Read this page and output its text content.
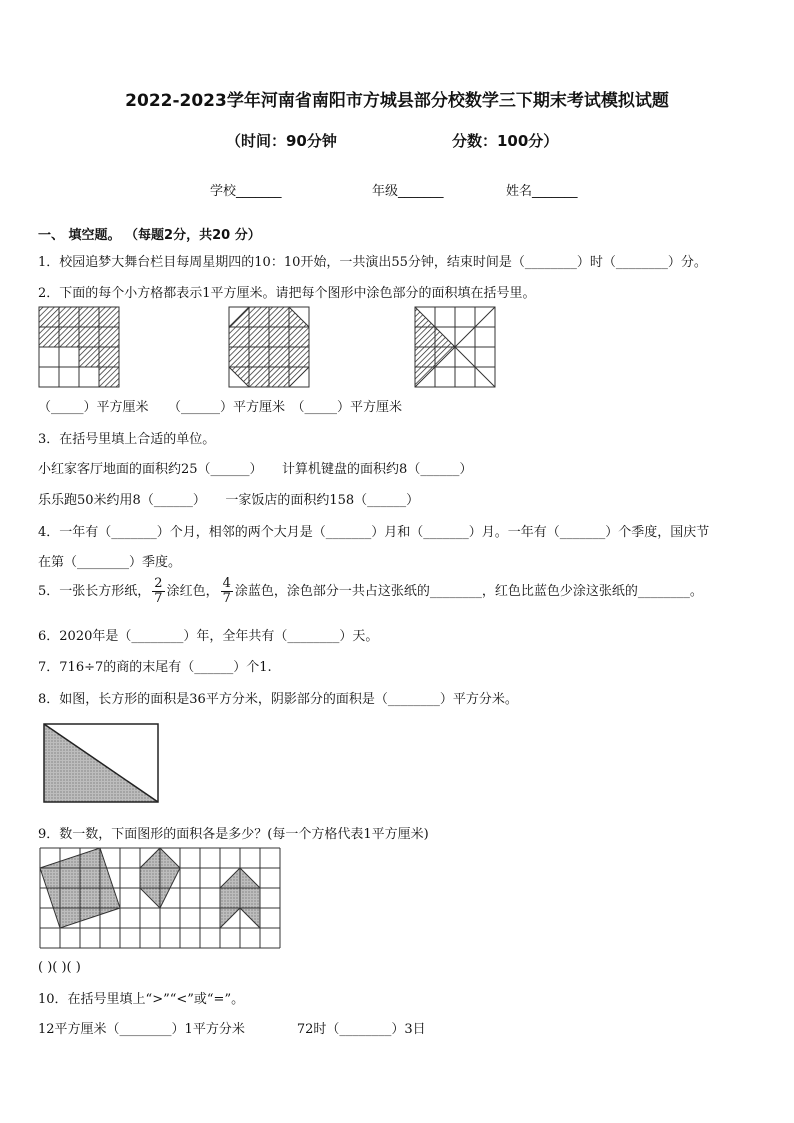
2022-2023学年河南省南阳市方城县部分校数学三下期末考试模拟试题
（时间：90分钟	分数：100分）
学校_______	年级_______	姓名_______
一、 填空题。 （每题2分，共20 分）
1．校园追梦大舞台栏目每周星期四的10：10开始，一共演出55分钟，结束时间是（________）时（________）分。
2．下面的每个小方格都表示1平方厘米。请把每个图形中涂色部分的面积填在括号里。
（_____）平方厘米　　（______）平方厘米　（_____）平方厘米
3．在括号里填上合适的单位。
小红家客厅地面的面积约25（______）　　计算机键盘的面积约8（______）
乐乐跑50米约用8（______）　　一家饭店的面积约158（______）
4．一年有（_______）个月，相邻的两个大月是（_______）月和（_______）月。一年有（_______）个季度，国庆节
在第（________）季度。
5．一张长方形纸， $\frac{2}{7}$ 涂红色， $\frac{4}{7}$ 涂蓝色，涂色部分一共占这张纸的________，红色比蓝色少涂这张纸的________。
6．2020年是（________）年，全年共有（________）天。
7．716÷7的商的末尾有（______）个1.
8．如图，长方形的面积是36平方分米，阴影部分的面积是（________）平方分米。
9．数一数，下面图形的面积各是多少？(每一个方格代表1平方厘米)
( )( )( )
10．在括号里填上“>”“<”或“=”。
12平方厘米（________）1平方分米　　　　72时（________）3日
